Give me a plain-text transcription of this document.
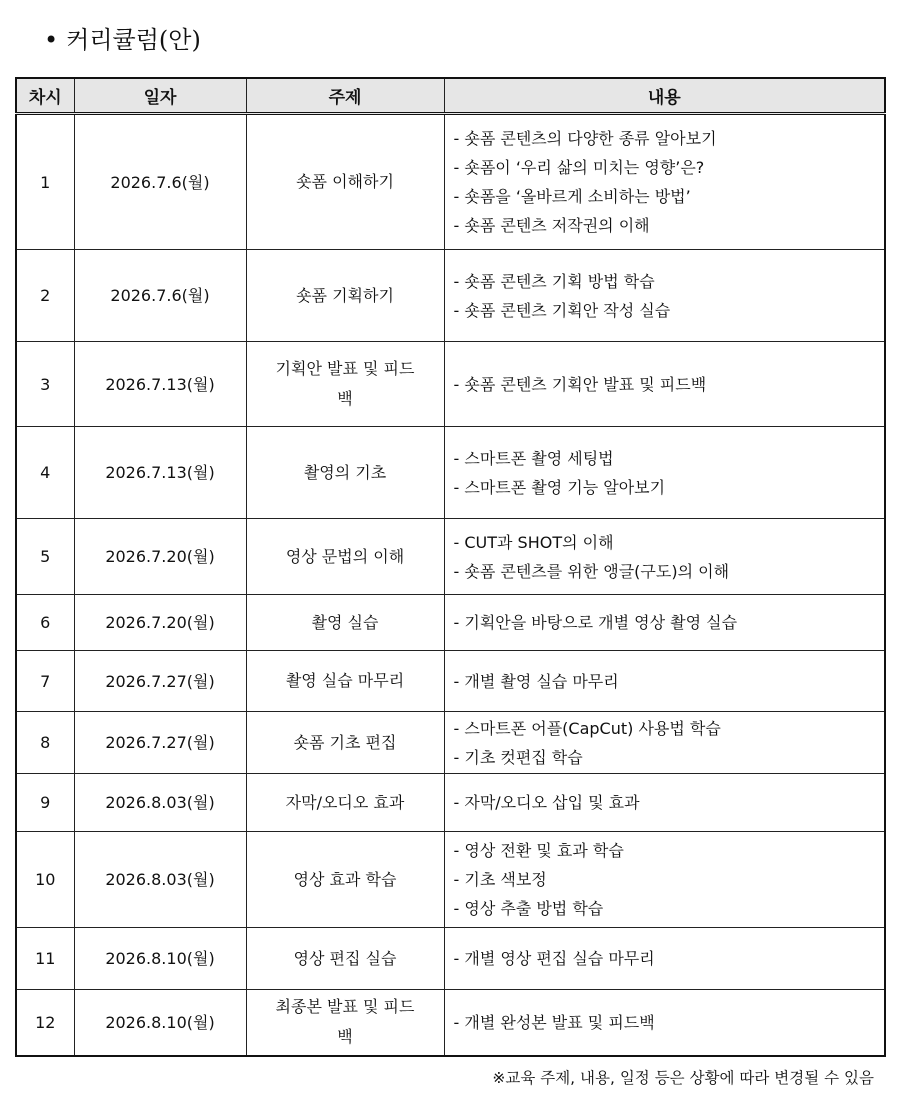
• 커리큘럼(안)
차시	일자	주제	내용
1	2026.7.6(월)	숏폼 이해하기	- 숏폼 콘텐츠의 다양한 종류 알아보기
- 숏폼이 ‘우리 삶의 미치는 영향’은?
- 숏폼을 ‘올바르게 소비하는 방법’
- 숏폼 콘텐츠 저작권의 이해

2	2026.7.6(월)	숏폼 기획하기	- 숏폼 콘텐츠 기획 방법 학습
- 숏폼 콘텐츠 기획안 작성 실습

3	2026.7.13(월)	기획안 발표 및 피드백	- 숏폼 콘텐츠 기획안 발표 및 피드백

4	2026.7.13(월)	촬영의 기초	- 스마트폰 촬영 세팅법
- 스마트폰 촬영 기능 알아보기

5	2026.7.20(월)	영상 문법의 이해	- CUT과 SHOT의 이해
- 숏폼 콘텐츠를 위한 앵글(구도)의 이해

6	2026.7.20(월)	촬영 실습	- 기획안을 바탕으로 개별 영상 촬영 실습

7	2026.7.27(월)	촬영 실습 마무리	- 개별 촬영 실습 마무리

8	2026.7.27(월)	숏폼 기초 편집	- 스마트폰 어플(CapCut) 사용법 학습
- 기초 컷편집 학습

9	2026.8.03(월)	자막/오디오 효과	- 자막/오디오 삽입 및 효과

10	2026.8.03(월)	영상 효과 학습	- 영상 전환 및 효과 학습
- 기초 색보정
- 영상 추출 방법 학습

11	2026.8.10(월)	영상 편집 실습	- 개별 영상 편집 실습 마무리

12	2026.8.10(월)	최종본 발표 및 피드백	- 개별 완성본 발표 및 피드백
※교육 주제, 내용, 일정 등은 상황에 따라 변경될 수 있음
